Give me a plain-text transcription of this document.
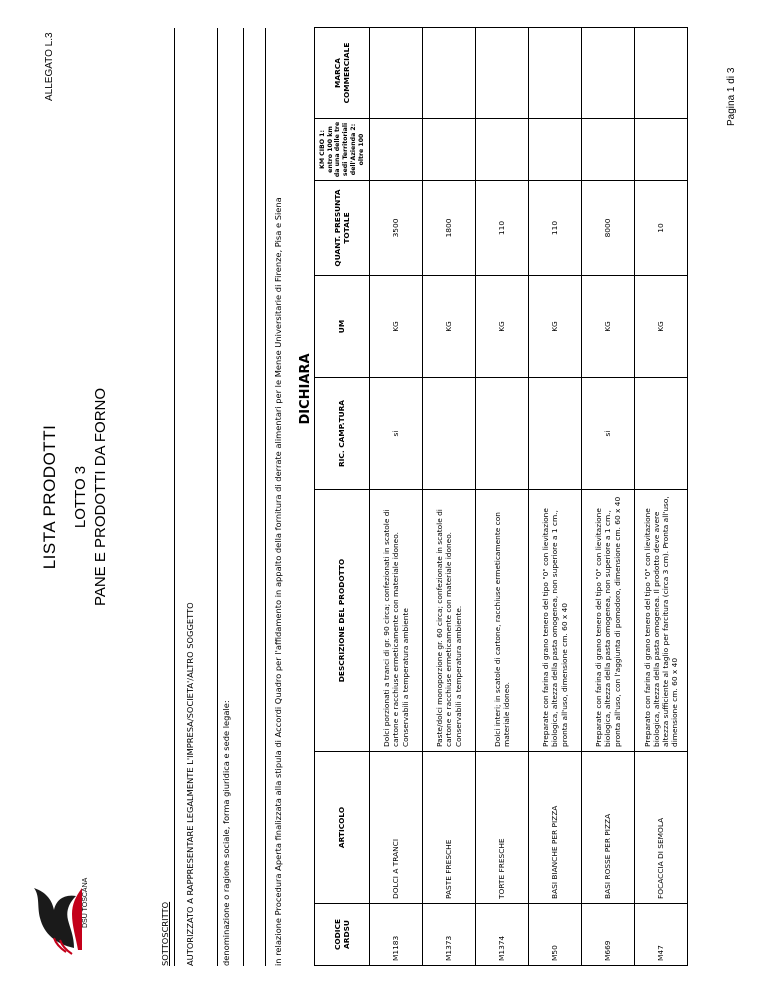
DSU TOSCANA
ALLEGATO L.3
LISTA PRODOTTI LOTTO 3 PANE E PRODOTTI DA FORNO
SOTTOSCRITTO AUTORIZZATO A RAPPRESENTARE LEGALMENTE L'IMPRESA/SOCIETA'/ALTRO SOGGETTO	denominazione o ragione sociale, forma giuridica e sede legale:	in relazione Procedura Aperta finalizzata alla stipula di Accordi Quadro per l'affidamento in appalto della fornitura di derrate alimentari per le Mense Universitarie di Firenze, Pisa e Siena DICHIARA
CODICE ARDSU	ARTICOLO	DESCRIZIONE DEL PRODOTTO	RIC. CAMP.TURA	UM	QUANT. PRESUNTA TOTALE	KM CIBO 1: entro 100 km da una delle tre sedi Territoriali dell'Azienda 2: oltre 100	MARCA COMMERCIALE
M1183	DOLCI A TRANCI	Dolci porzionati a tranci di gr. 90 circa; confezionati in scatole di cartone e racchiuse ermeticamente con materiale idoneo. Conservabili a temperatura ambiente	si	KG	3500		
M1373	PASTE FRESCHE	Paste/dolci monoporzione gr. 60 circa; confezionate in scatole di cartone e racchiuse ermeticamente con materiale idoneo. Conservabili a temperatura ambiente.		KG	1800		
M1374	TORTE FRESCHE	Dolci interi; in scatole di cartone, racchiuse ermeticamente con materiale idoneo.		KG	110		
M50	BASI BIANCHE PER PIZZA	Preparate con farina di grano tenero del tipo "0" con lievitazione biologica, altezza della pasta omogenea, non superiore a 1 cm., pronta all'uso, dimensione cm. 60 x 40		KG	110		
M669	BASI ROSSE PER PIZZA	Preparate con farina di grano tenero del tipo "0" con lievitazione biologica, altezza della pasta omogenea, non superiore a 1 cm., pronta all'uso, con l'aggiunta di pomodoro, dimensione cm. 60 x 40	si	KG	8000		
M47	FOCACCIA DI SEMOLA	Preparato con farina di grano tenero del tipo "0" con lievitazione biologica, altezza della pasta omogenea. Il prodotto deve avere altezza sufficiente al taglio per farcitura (circa 3 cm). Pronta all'uso, dimensione cm. 60 x 40		KG	10		
Pagina 1 di 3
